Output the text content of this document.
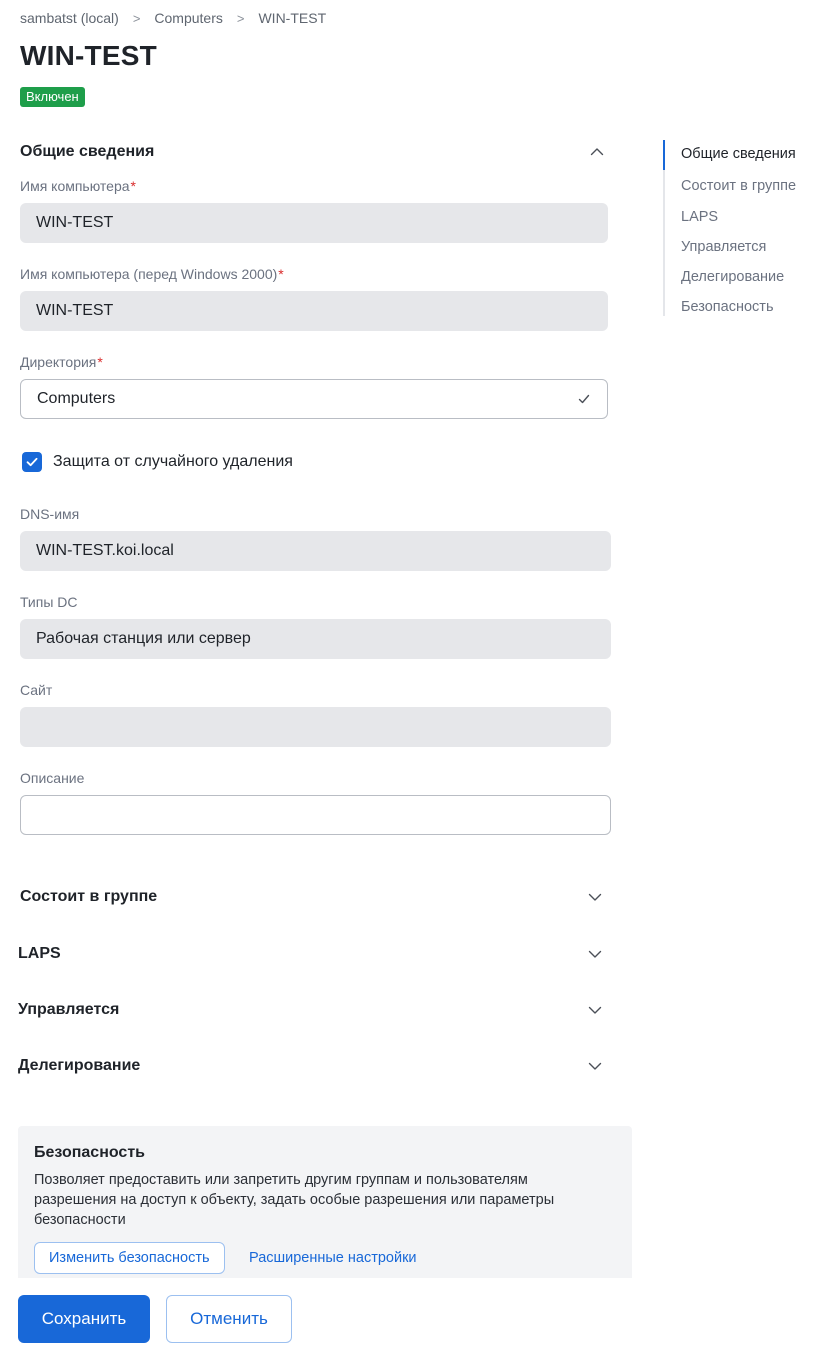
sambatst (local) > Computers > WIN-TEST
WIN-TEST
Включен
Общие сведения
Имя компьютера*
WIN-TEST
Имя компьютера (перед Windows 2000)*
WIN-TEST
Директория*
Computers
Защита от случайного удаления
DNS-имя
WIN-TEST.koi.local
Типы DC
Рабочая станция или сервер
Сайт
Описание
Состоит в группе
LAPS
Управляется
Делегирование
Безопасность
Позволяет предоставить или запретить другим группам и пользователям разрешения на доступ к объекту, задать особые разрешения или параметры безопасности
Изменить безопасность	Расширенные настройки
Сохранить	Отменить
Общие сведения
Состоит в группе
LAPS
Управляется
Делегирование
Безопасность
